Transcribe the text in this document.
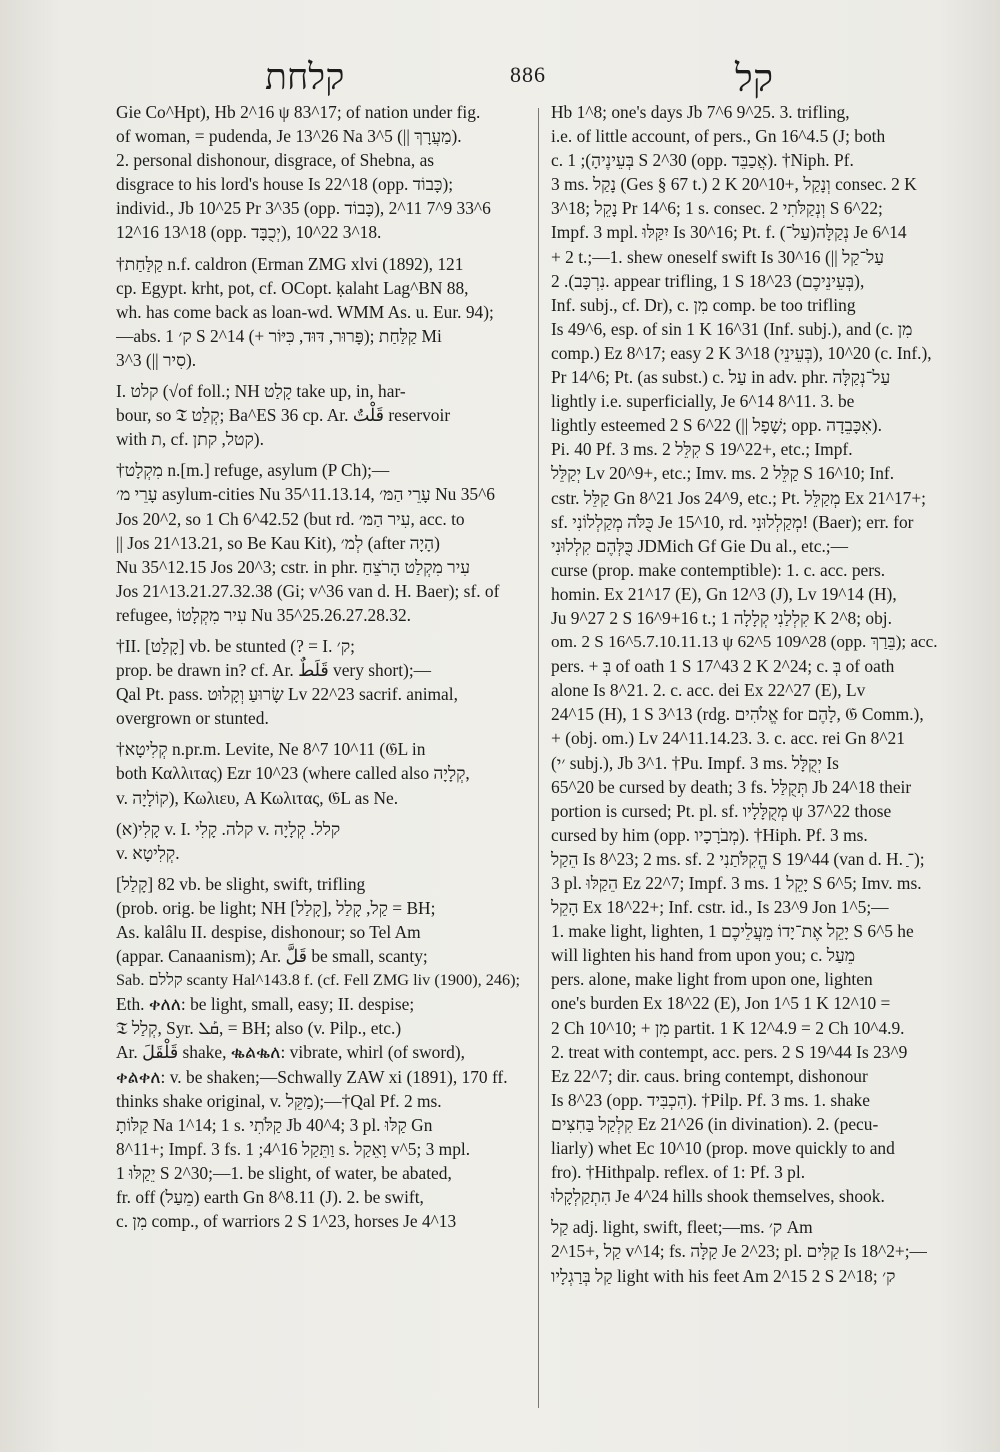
קלחת	886	קל
Gie Co^Hpt), Hb 2^16 ψ 83^17; of nation under fig.
of woman, = pudenda, Je 13^26 Na 3^5 (|| מַעֲרָךְ).
2. personal dishonour, disgrace, of Shebna, as
disgrace to his lord's house Is 22^18 (opp. כָּבוֹד);
individ., Jb 10^25 Pr 3^35 (opp. כָּבוֹד), 6^33 9^7 11^2
12^16 13^18 (opp. יְכֻבָּד), 18^3 22^10.
†קַלַּחַת n.f. caldron (Erman ZMG xlvi (1892), 121
cp. Egypt. krht, pot, cf. OCopt. ḳalaht Lag^BN 88,
wh. has come back as loan-wd. WMM As. u. Eur. 94);
—abs. ק׳ 1 S 2^14 (+ פָּרוּר, דּוּד, כִּיּוֹר); קַלַּחַת Mi
3^3 (|| סִיר).
I. קלט (√of foll.; NH קָלַט take up, in, har-
bour, so 𝔗 קְלַט; Ba^ES 36 cp. Ar. قَلْتٌ reservoir
with ת, cf. קטל, קתן).
†מִקְלָט n.[m.] refuge, asylum (P Ch);—
עָרֵי מ׳ asylum-cities Nu 35^11.13.14, עָרֵי הַמּ׳ Nu 35^6
Jos 20^2, so 1 Ch 6^42.52 (but rd. עִיר הַמּ׳, acc. to
|| Jos 21^13.21, so Be Kau Kit), לְמ׳ (after הָיָה)
Nu 35^12.15 Jos 20^3; cstr. in phr. עִיר מִקְלַט הָרֹצֵחַ
Jos 21^13.21.27.32.38 (Gi; v^36 van d. H. Baer); sf. of
refugee, עִיר מִקְלָטוֹ Nu 35^25.26.27.28.32.
†II. [קָלַט] vb. be stunted (? = I. ק׳;
prop. be drawn in? cf. Ar. قَلَطٌ very short);—
Qal Pt. pass. שָׂרוּעַ וְקָלוּט Lv 22^23 sacrif. animal,
overgrown or stunted.
†קְלִיטָא n.pr.m. Levite, Ne 8^7 10^11 (𝔊L in
both Καλλιτας) Ezr 10^23 (where called also קְלָיָה,
v. קוֹלָיָה), Κωλιευ, A Κωλιτας, 𝔊L as Ne.
קָלִי(א) v. I. קלה. קָלִי v. קלל. קְלָיָה
v. קְלִיטָא.
[קָלַל] 82 vb. be slight, swift, trifling
(prob. orig. be light; NH [קָלַל], קַל, קָלַל = BH;
As. kalâlu II. despise, dishonour; so Tel Am
(appar. Canaanism); Ar. قَلَّ be small, scanty;
Sab. קללם scanty Hal^143.8 f. (cf. Fell ZMG liv (1900), 246);
Eth. ቀለለ: be light, small, easy; II. despise;
𝔗 קְלַל, Syr. ܩܰܠ, = BH; also (v. Pilp., etc.)
Ar. قَلْقَلَ shake, ቈልቈለ: vibrate, whirl (of sword),
ቀልቀለ: v. be shaken;—Schwally ZAW xi (1891), 170 ff.
thinks shake original, v. מַקֵּל);—†Qal Pf. 2 ms.
קַלּוֹתָ Na 1^14; 1 s. קַלֹּתִי Jb 40^4; 3 pl. קַלּוּ Gn
8^11+; Impf. 3 fs. וַתֵּקַל 16^4; 1 s. וָאֵקַל v^5; 3 mpl.
יֵקַלּוּ 1 S 2^30;—1. be slight, of water, be abated,
fr. off (מֵעַל) earth Gn 8^8.11 (J). 2. be swift,
c. מִן comp., of warriors 2 S 1^23, horses Je 4^13
Hb 1^8; one's days Jb 7^6 9^25. 3. trifling,
i.e. of little account, of pers., Gn 16^4.5 (J; both
c. בְּעֵינֶיהָ); 1 S 2^30 (opp. אֲכַבֵּד). †Niph. Pf.
3 ms. נָקַל (Ges § 67 t.) 2 K 20^10+, וְנָקַל consec. 2 K
3^18; נָקֵל Pr 14^6; 1 s. consec. וְנְקַלֹּתִי 2 S 6^22;
Impf. 3 mpl. יִקַּלּוּ Is 30^16; Pt. f. (עַל־)נְקַלָּה Je 6^14
+ 2 t.;—1. shew oneself swift Is 30^16 (|| עַל־קַל
נִרְכָּב). 2. appear trifling, 1 S 18^23 (בְּעֵינֵיכֶם),
Inf. subj., cf. Dr), c. מִן comp. be too trifling
Is 49^6, esp. of sin 1 K 16^31 (Inf. subj.), and (c. מִן
comp.) Ez 8^17; easy 2 K 3^18 (בְּעֵינֵי), 20^10 (c. Inf.),
Pr 14^6; Pt. (as subst.) c. עַל in adv. phr. עַל־נְקַלָּה
lightly i.e. superficially, Je 6^14 8^11. 3. be
lightly esteemed 2 S 6^22 (|| שָׁפָל; opp. אִכָּבֵדָה).
Pi. 40 Pf. 3 ms. קִלֵּל 2 S 19^22+, etc.; Impf.
יְקַלֵּל Lv 20^9+, etc.; Imv. ms. קַלֵּל 2 S 16^10; Inf.
cstr. קַלֵּל Gn 8^21 Jos 24^9, etc.; Pt. מְקַלֵּל Ex 21^17+;
sf. כֻּלֹּה מְקַלְלוֹנִי Je 15^10, rd. מְקַלְלוּנִי! (Baer); err. for
כֻּלְּהֶם קִלְלוּנִי JDMich Gf Gie Du al., etc.;—
curse (prop. make contemptible): 1. c. acc. pers.
homin. Ex 21^17 (E), Gn 12^3 (J), Lv 19^14 (H),
Ju 9^27 2 S 16^9+16 t.; קִלְלַנִי קְלָלָה 1 K 2^8; obj.
om. 2 S 16^5.7.10.11.13 ψ 62^5 109^28 (opp. בֵּרַךְ); acc.
pers. + בְּ of oath 1 S 17^43 2 K 2^24; c. בְּ of oath
alone Is 8^21. 2. c. acc. dei Ex 22^27 (E), Lv
24^15 (H), 1 S 3^13 (rdg. אֱלֹהִים for לָהֶם, 𝔊 Comm.),
+ (obj. om.) Lv 24^11.14.23. 3. c. acc. rei Gn 8^21
(׳י subj.), Jb 3^1. †Pu. Impf. 3 ms. יְקֻלָּל Is
65^20 be cursed by death; 3 fs. תְּקֻלַּל Jb 24^18 their
portion is cursed; Pt. pl. sf. מְקֻלָּלָיו ψ 37^22 those
cursed by him (opp. מְבֹרָכָיו). †Hiph. Pf. 3 ms.
הֵקַל Is 8^23; 2 ms. sf. הֱקִלֹּתַנִי 2 S 19^44 (van d. H. ־ַ);
3 pl. הֵקַלּוּ Ez 22^7; Impf. 3 ms. יָקֵל 1 S 6^5; Imv. ms.
הָקֵל Ex 18^22+; Inf. cstr. id., Is 23^9 Jon 1^5;—
1. make light, lighten, יָקֵל אֶת־יָדוֹ מֵעֲלֵיכֶם 1 S 6^5 he
will lighten his hand from upon you; c. מֵעַל
pers. alone, make light from upon one, lighten
one's burden Ex 18^22 (E), Jon 1^5 1 K 12^10 =
2 Ch 10^10; + מִן partit. 1 K 12^4.9 = 2 Ch 10^4.9.
2. treat with contempt, acc. pers. 2 S 19^44 Is 23^9
Ez 22^7; dir. caus. bring contempt, dishonour
Is 8^23 (opp. הִכְבִּיד). †Pilp. Pf. 3 ms. 1. shake
קִלְקַל בַּחִצִּים Ez 21^26 (in divination). 2. (pecu-
liarly) whet Ec 10^10 (prop. move quickly to and
fro). †Hithpalp. reflex. of 1: Pf. 3 pl.
הִתְקַלְקָלוּ Je 4^24 hills shook themselves, shook.
קַל adj. light, swift, fleet;—ms. ק׳ Am
2^15+, קַל v^14; fs. קַלָּה Je 2^23; pl. קַלִּים Is 18^2+;—
קַל בְּרַגְלָיו light with his feet Am 2^15 2 S 2^18; ק׳
